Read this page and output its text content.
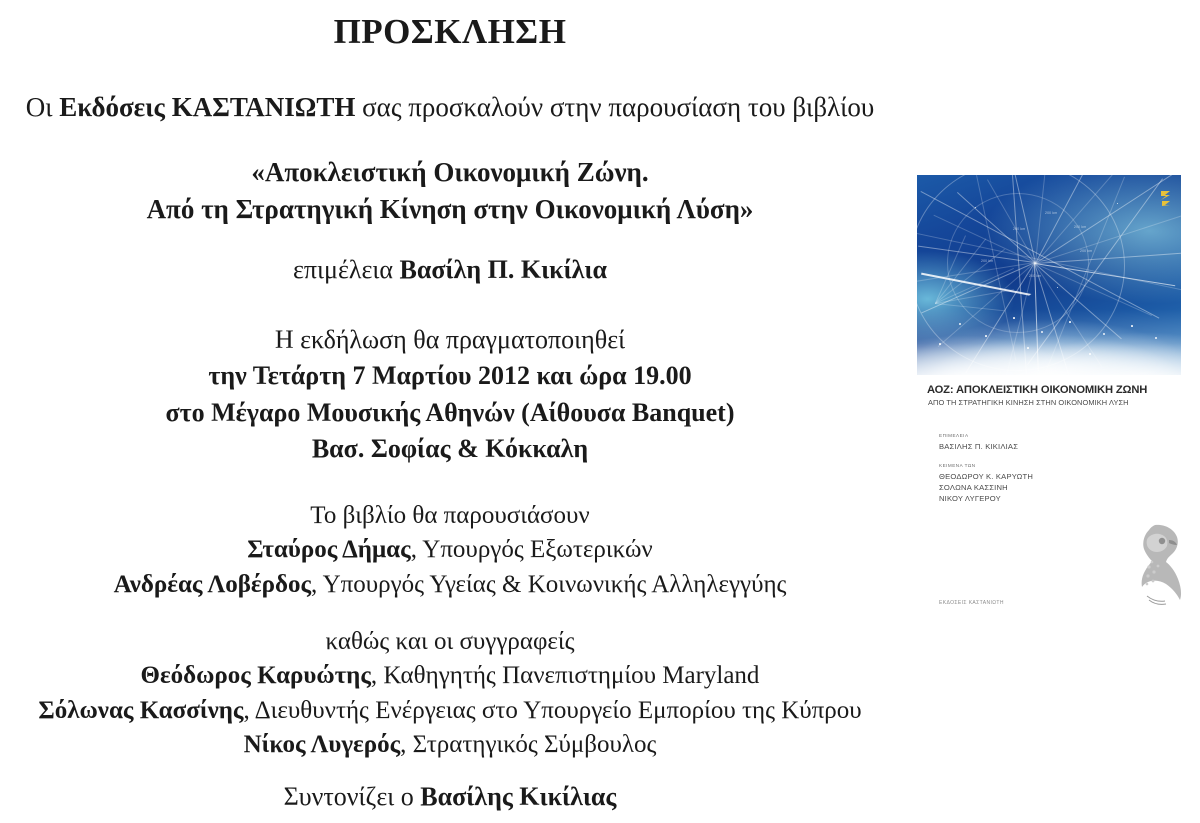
ΠΡΟΣΚΛΗΣΗ
Οι Εκδόσεις ΚΑΣΤΑΝΙΩΤΗ σας προσκαλούν στην παρουσίαση του βιβλίου
«Αποκλειστική Οικονομική Ζώνη.
Από τη Στρατηγική Κίνηση στην Οικονομική Λύση»
επιμέλεια Βασίλη Π. Κικίλια
Η εκδήλωση θα πραγματοποιηθεί
την Τετάρτη 7 Μαρτίου 2012 και ώρα 19.00
στο Μέγαρο Μουσικής Αθηνών (Αίθουσα Banquet)
Βασ. Σοφίας & Κόκκαλη
Το βιβλίο θα παρουσιάσουν
Σταύρος Δήμας, Υπουργός Εξωτερικών
Ανδρέας Λοβέρδος, Υπουργός Υγείας & Κοινωνικής Αλληλεγγύης
καθώς και οι συγγραφείς
Θεόδωρος Καρυώτης, Καθηγητής Πανεπιστημίου Maryland
Σόλωνας Κασσίνης, Διευθυντής Ενέργειας στο Υπουργείο Εμπορίου της Κύπρου
Νίκος Λυγερός, Στρατηγικός Σύμβουλος
Συντονίζει ο Βασίλης Κικίλιας
200 km
200 km	200 km
200 km
200 km
200 km
ΑΟΖ: ΑΠΟΚΛΕΙΣΤΙΚΗ ΟΙΚΟΝΟΜΙΚΗ ΖΩΝΗ
ΑΠΟ ΤΗ ΣΤΡΑΤΗΓΙΚΗ ΚΙΝΗΣΗ ΣΤΗΝ ΟΙΚΟΝΟΜΙΚΗ ΛΥΣΗ
ΕΠΙΜΕΛΕΙΑ
ΒΑΣΙΛΗΣ Π. ΚΙΚΙΛΙΑΣ
ΚΕΙΜΕΝΑ ΤΩΝ
ΘΕΟΔΩΡΟΥ Κ. ΚΑΡΥΩΤΗ
ΣΟΛΩΝΑ ΚΑΣΣΙΝΗ
ΝΙΚΟΥ ΛΥΓΕΡΟΥ
ΕΚΔΟΣΕΙΣ ΚΑΣΤΑΝΙΩΤΗ
